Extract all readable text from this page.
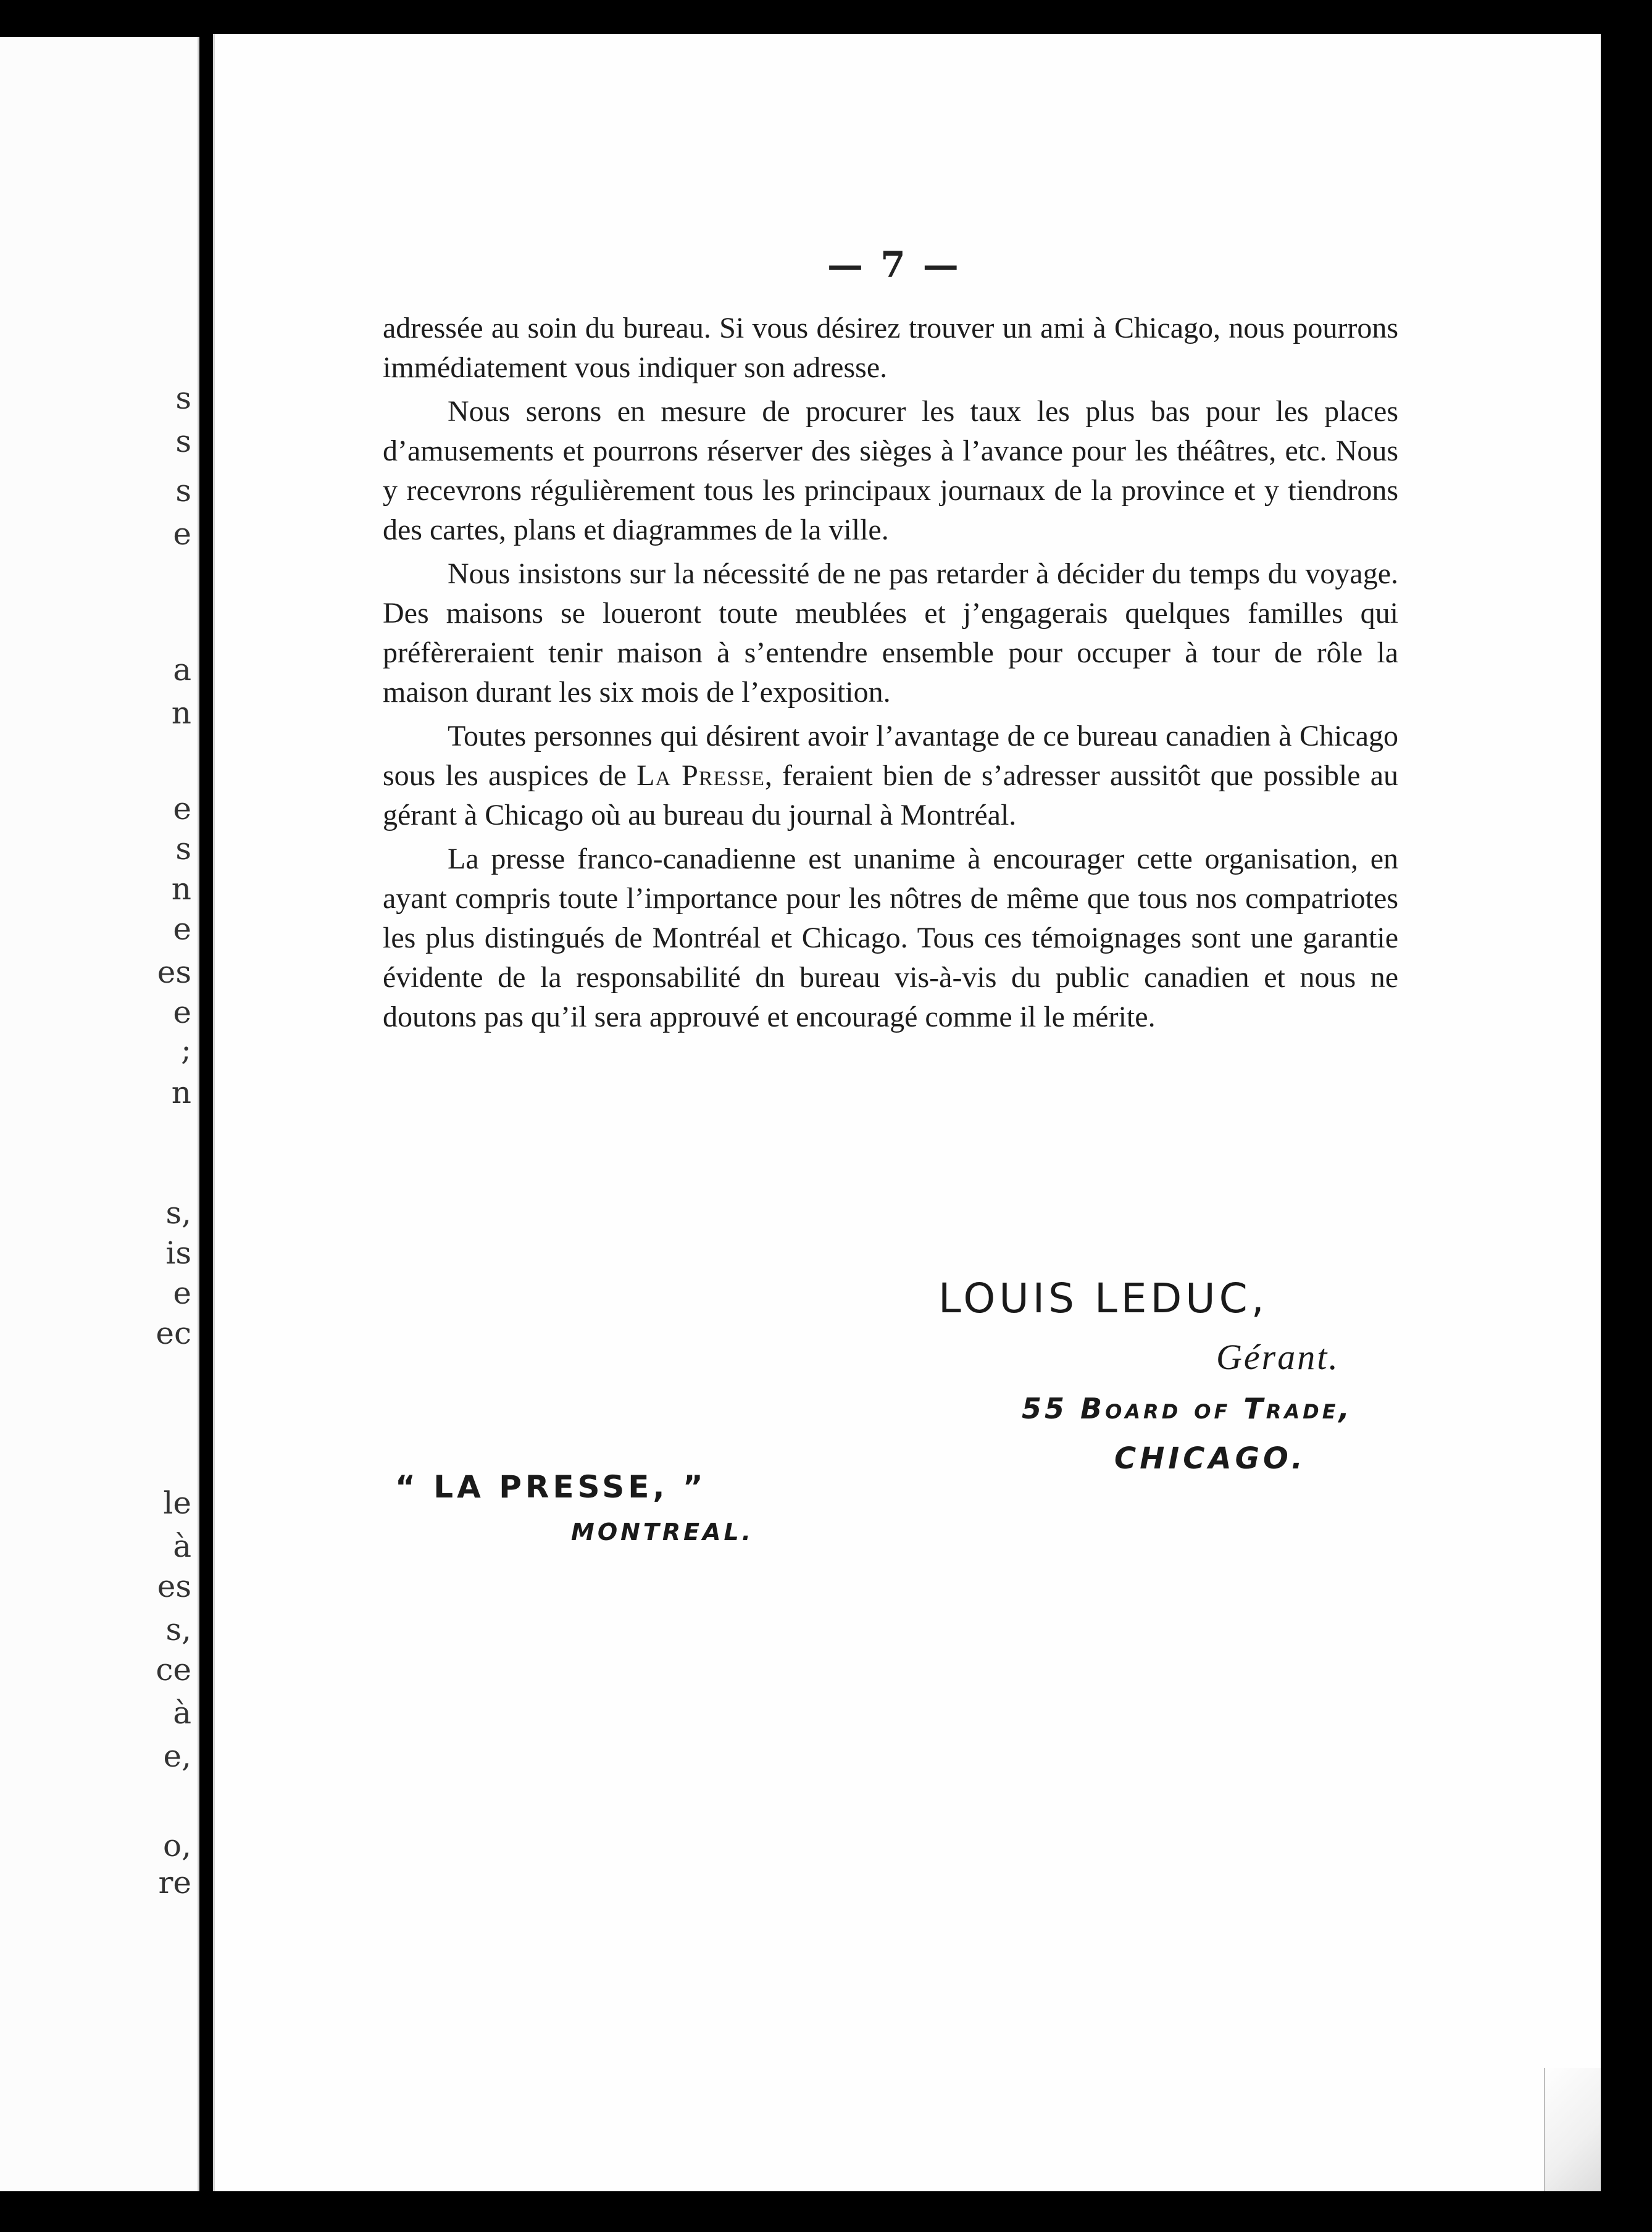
s
s
s
e
a
n
e
s
n
e
es
e
;
n
s,
is
e
ec
le
à
es
s,
ce
à
e,
o,
re
— 7 —

adressée au soin du bureau. Si vous désirez trouver un ami à Chicago, nous pourrons immédiatement vous indiquer son adresse.

Nous serons en mesure de procurer les taux les plus bas pour les places d’amusements et pourrons réserver des sièges à l’avance pour les théâtres, etc. Nous y recevrons régulièrement tous les principaux journaux de la province et y tiendrons des cartes, plans et diagrammes de la ville.

Nous insistons sur la nécessité de ne pas retarder à décider du temps du voyage. Des maisons se loueront toute meublées et j’engagerais quelques familles qui préfèreraient tenir maison à s’entendre ensemble pour occuper à tour de rôle la maison durant les six mois de l’exposition.

Toutes personnes qui désirent avoir l’avantage de ce bureau canadien à Chicago sous les auspices de La Presse, feraient bien de s’adresser aussitôt que possible au gérant à Chicago où au bureau du journal à Montréal.

La presse franco-canadienne est unanime à encourager cette organisation, en ayant compris toute l’importance pour les nôtres de même que tous nos compatriotes les plus distingués de Montréal et Chicago. Tous ces témoignages sont une garantie évidente de la responsabilité dn bureau vis-à-vis du public canadien et nous ne doutons pas qu’il sera approuvé et encouragé comme il le mérite.

LOUIS LEDUC,
Gérant.
55 Board of Trade,
CHICAGO.
“ LA PRESSE, ”
MONTREAL.
